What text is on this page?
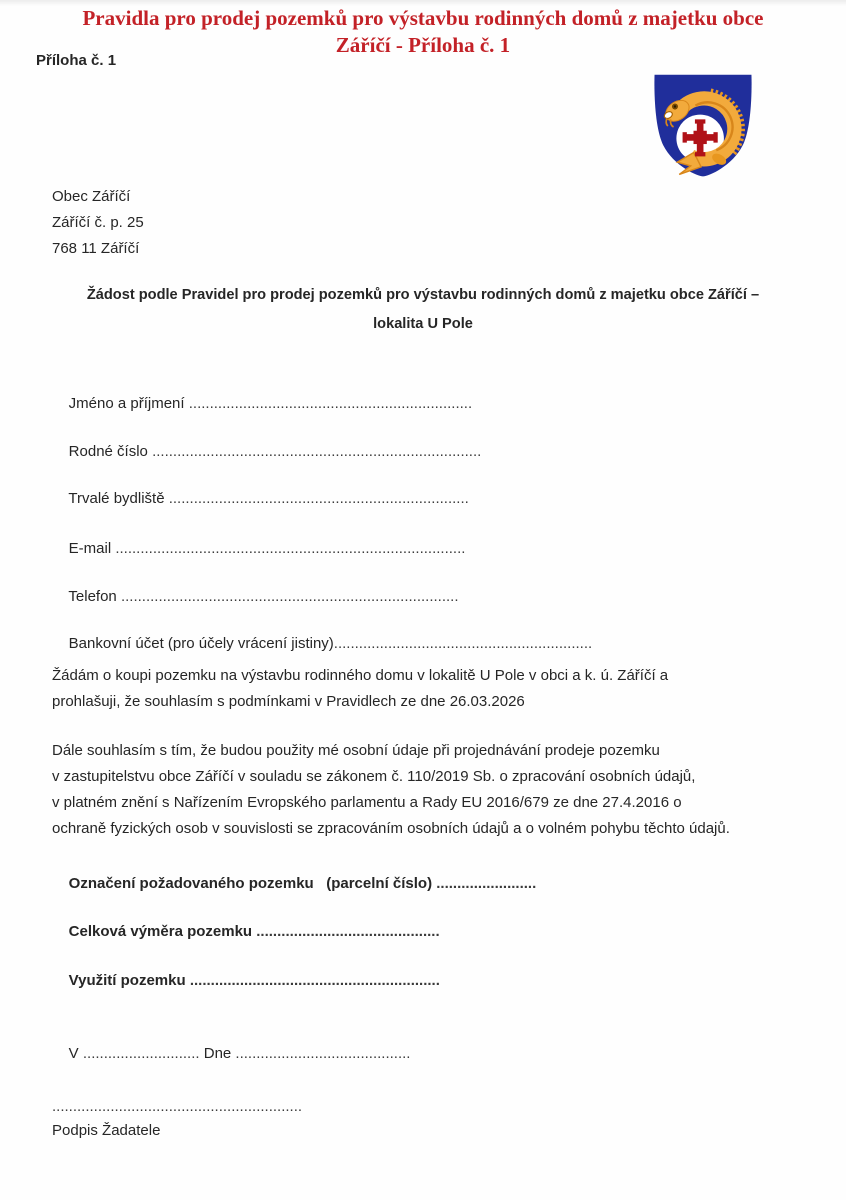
Pravidla pro prodej pozemků pro výstavbu rodinných domů z majetku obce
Záříčí - Příloha č. 1
Příloha č. 1
Obec Záříčí
Záříčí č. p. 25
768 11 Záříčí
Žádost podle Pravidel pro prodej pozemků pro výstavbu rodinných domů z majetku obce Záříčí –
lokalita U Pole

Jméno a příjmení ....................................................................

Rodné číslo ...............................................................................

Trvalé bydliště ........................................................................

E-mail ....................................................................................

Telefon .................................................................................

Bankovní účet (pro účely vrácení jistiny)..............................................................

Žádám o koupi pozemku na výstavbu rodinného domu v lokalitě U Pole v obci a k. ú. Záříčí a
prohlašuji, že souhlasím s podmínkami v Pravidlech ze dne 26.03.2026
Dále souhlasím s tím, že budou použity mé osobní údaje při projednávání prodeje pozemku
v zastupitelstvu obce Záříčí v souladu se zákonem č. 110/2019 Sb. o zpracování osobních údajů,
v platném znění s Nařízením Evropského parlamentu a Rady EU 2016/679 ze dne 27.4.2016 o
ochraně fyzických osob v souvislosti se zpracováním osobních údajů a o volném pohybu těchto údajů.

Označení požadovaného pozemku   (parcelní číslo) ........................

Celková výměra pozemku ............................................

Využití pozemku ............................................................

V ............................ Dne ..........................................

............................................................
Podpis Žadatele
